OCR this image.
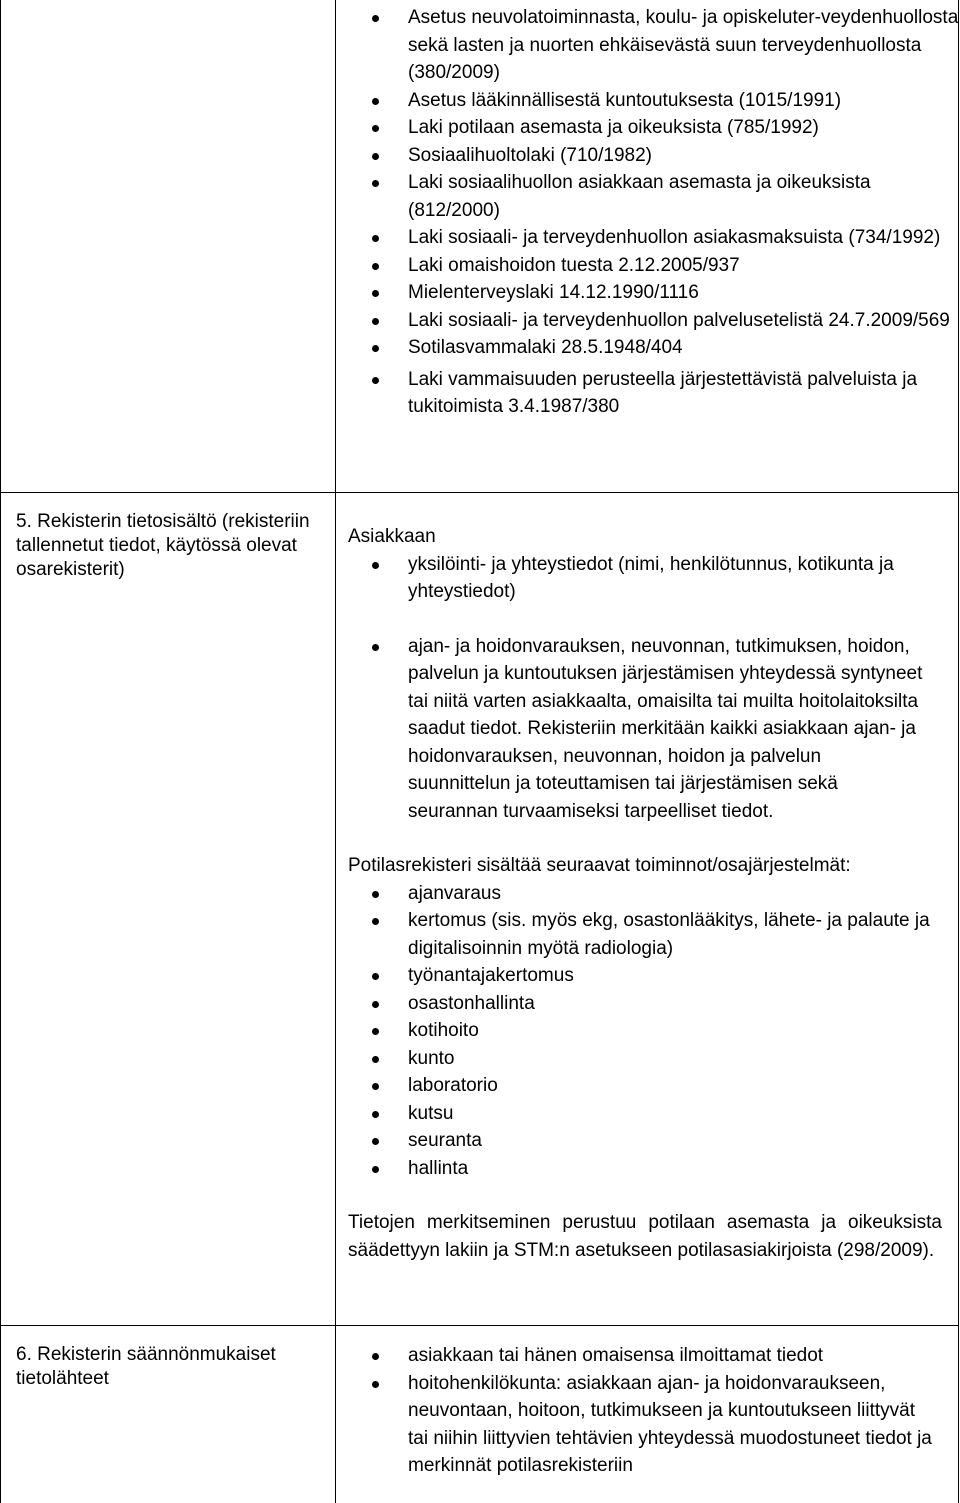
Asetus neuvolatoiminnasta, koulu- ja opiskeluter-veydenhuollosta sekä lasten ja nuorten ehkäisevästä suun terveydenhuollosta (380/2009)
Asetus lääkinnällisestä kuntoutuksesta (1015/1991)
Laki potilaan asemasta ja oikeuksista (785/1992)
Sosiaalihuoltolaki (710/1982)
Laki sosiaalihuollon asiakkaan asemasta ja oikeuksista (812/2000)
Laki sosiaali- ja terveydenhuollon asiakasmaksuista (734/1992)
Laki omaishoidon tuesta 2.12.2005/937
Mielenterveyslaki 14.12.1990/1116
Laki sosiaali- ja terveydenhuollon palvelusetelistä 24.7.2009/569
Sotilasvammalaki 28.5.1948/404
Laki vammaisuuden perusteella järjestettävistä palveluista ja tukitoimista 3.4.1987/380
5. Rekisterin tietosisältö (rekisteriin tallennetut tiedot, käytössä olevat osarekisterit)
Asiakkaan
yksilöinti- ja yhteystiedot (nimi, henkilötunnus, kotikunta ja yhteystiedot)
ajan- ja hoidonvarauksen, neuvonnan, tutkimuksen, hoidon, palvelun ja kuntoutuksen järjestämisen yhteydessä syntyneet tai niitä varten asiakkaalta, omaisilta tai muilta hoitolaitoksilta saadut tiedot. Rekisteriin merkitään kaikki asiakkaan ajan- ja hoidonvarauksen, neuvonnan, hoidon ja palvelun suunnittelun ja toteuttamisen tai järjestämisen sekä seurannan turvaamiseksi tarpeelliset tiedot.
Potilasrekisteri sisältää seuraavat toiminnot/osajärjestelmät:
ajanvaraus
kertomus (sis. myös ekg, osastonlääkitys, lähete- ja palaute ja digitalisoinnin myötä radiologia)
työnantajakertomus
osastonhallinta
kotihoito
kunto
laboratorio
kutsu
seuranta
hallinta
Tietojen merkitseminen perustuu potilaan asemasta ja oikeuksista säädettyyn lakiin ja STM:n asetukseen potilasasiakirjoista (298/2009).
6. Rekisterin säännönmukaiset tietolähteet
asiakkaan tai hänen omaisensa ilmoittamat tiedot
hoitohenkilökunta: asiakkaan ajan- ja hoidonvaraukseen, neuvontaan, hoitoon, tutkimukseen ja kuntoutukseen liittyvät tai niihin liittyvien tehtävien yhteydessä muodostuneet tiedot ja merkinnät potilasrekisteriin
